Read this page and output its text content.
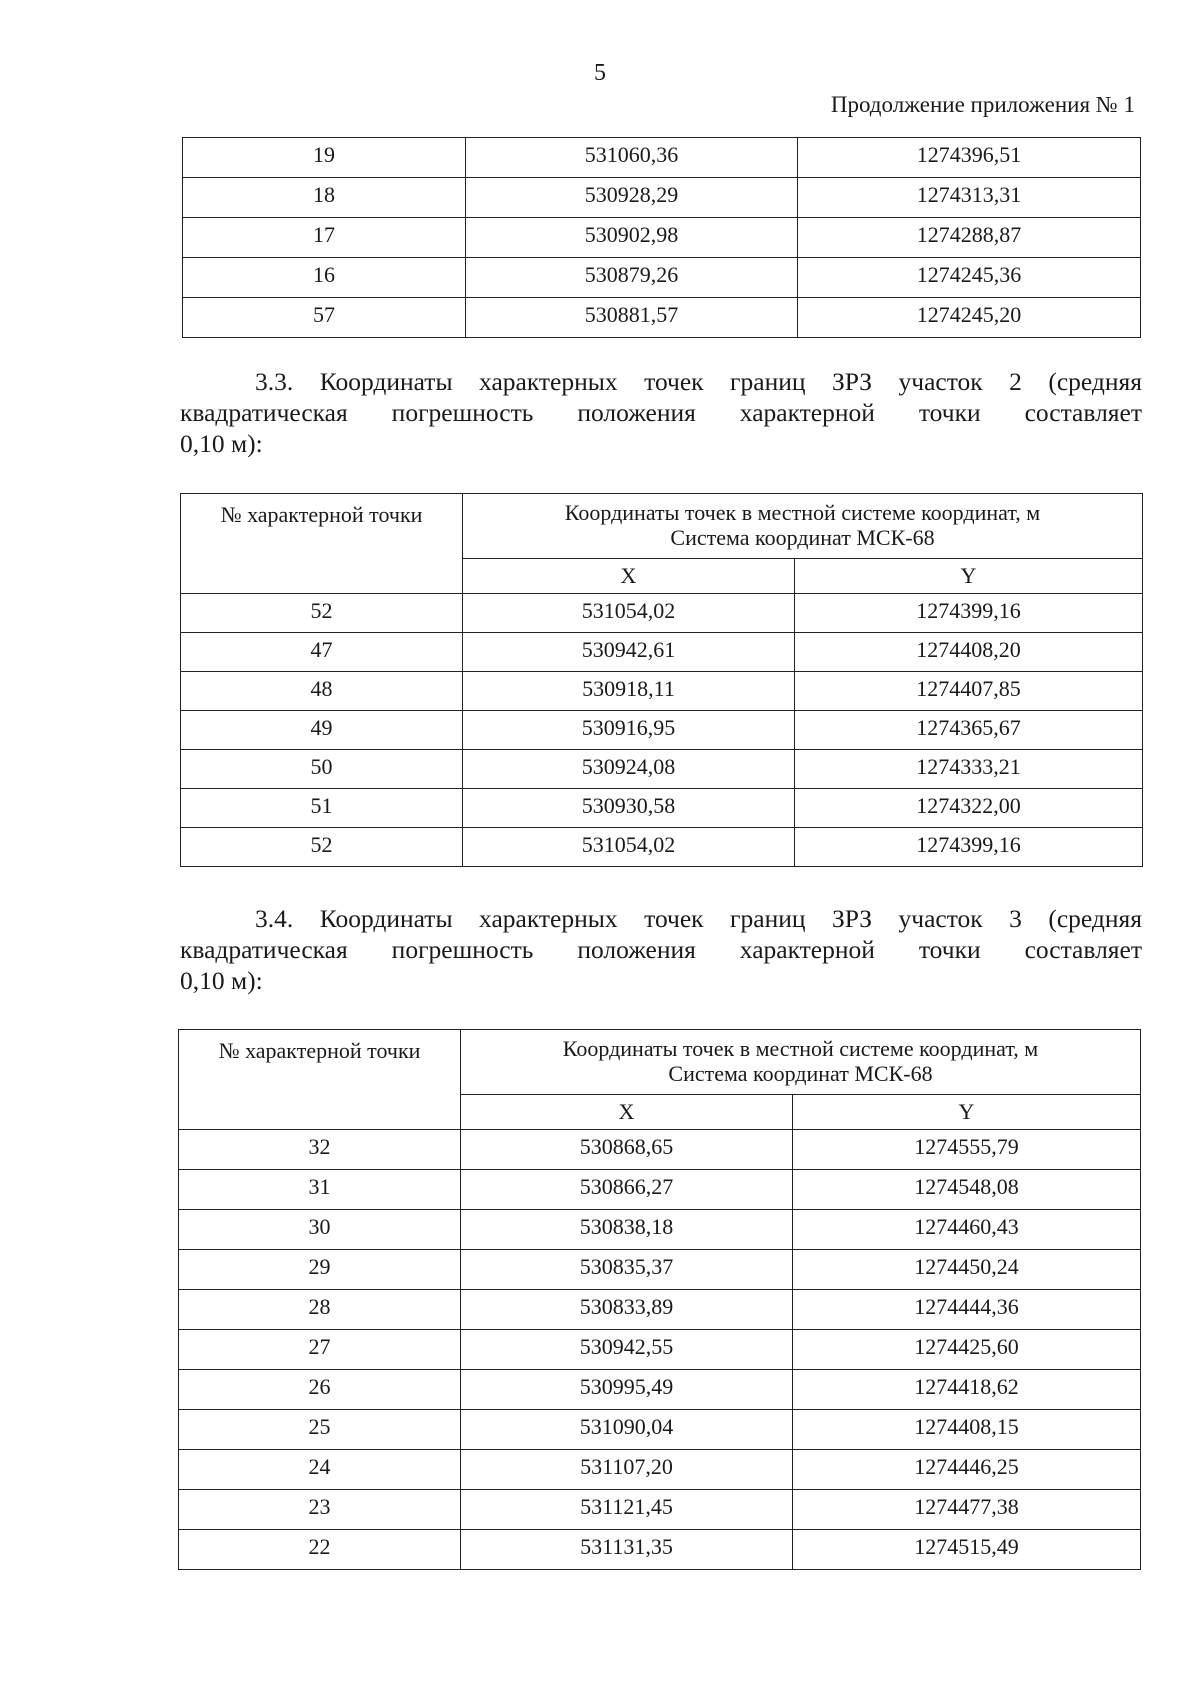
5
Продолжение приложения № 1
19	531060,36	1274396,51
18	530928,29	1274313,31
17	530902,98	1274288,87
16	530879,26	1274245,36
57	530881,57	1274245,20
3.3. Координаты характерных точек границ ЗРЗ участок 2 (средняя
квадратическая погрешность положения характерной точки составляет
0,10 м):
№ характерной точки	Координаты точек в местной системе координат, м
Система координат МСК-68	

	X	Y
52	531054,02	1274399,16
47	530942,61	1274408,20
48	530918,11	1274407,85
49	530916,95	1274365,67
50	530924,08	1274333,21
51	530930,58	1274322,00
52	531054,02	1274399,16
3.4. Координаты характерных точек границ ЗРЗ участок 3 (средняя
квадратическая погрешность положения характерной точки составляет
0,10 м):
№ характерной точки	Координаты точек в местной системе координат, м
Система координат МСК-68	

	X	Y
32	530868,65	1274555,79
31	530866,27	1274548,08
30	530838,18	1274460,43
29	530835,37	1274450,24
28	530833,89	1274444,36
27	530942,55	1274425,60
26	530995,49	1274418,62
25	531090,04	1274408,15
24	531107,20	1274446,25
23	531121,45	1274477,38
22	531131,35	1274515,49
